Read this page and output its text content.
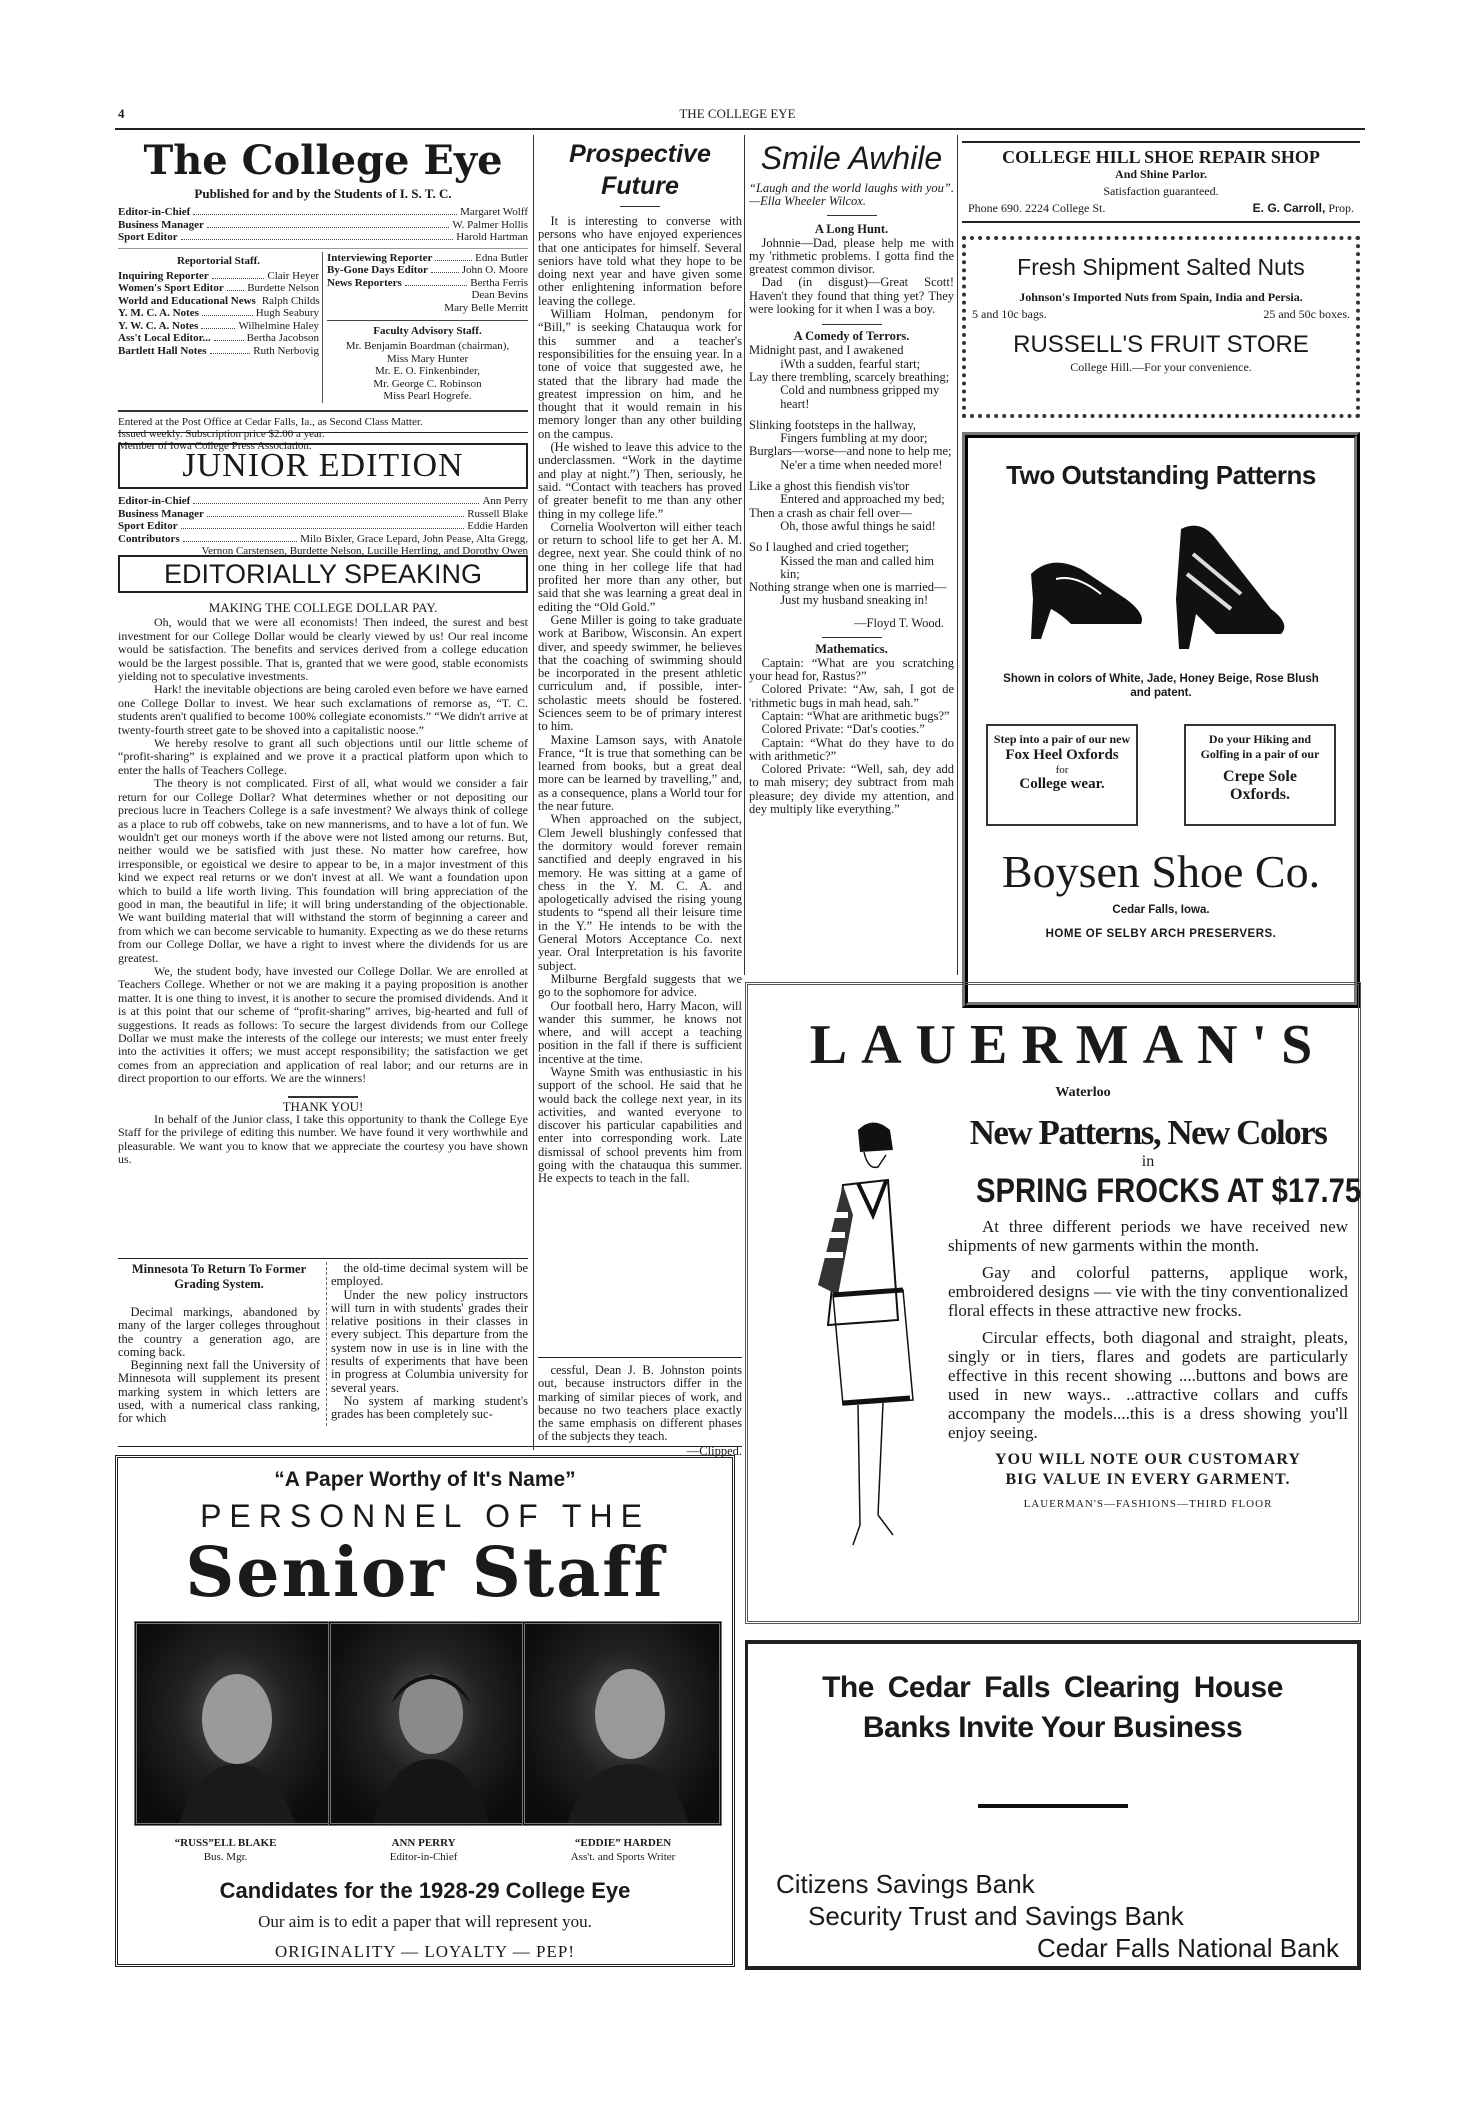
4	THE COLLEGE EYE
The College Eye
Published for and by the Students of I. S. T. C.
Editor-in-Chief	Margaret Wolff
Business Manager	W. Palmer Hollis
Sport Editor	Harold Hartman
Reportorial Staff.
Inquiring Reporter	Clair Heyer
Women's Sport Editor Burdette Nelson
World and Educational News Ralph Childs
Y. M. C. A. Notes	Hugh Seabury
Y. W. C. A. Notes	Wilhelmine Haley
Ass't Local Editor...	Bertha Jacobson
Bartlett Hall Notes	Ruth Nerbovig
Interviewing Reporter	Edna Butler
By-Gone Days Editor	John O. Moore
News Reporters	Bertha Ferris
Dean Bevins
Mary Belle Merritt
Faculty Advisory Staff.
Mr. Benjamin Boardman (chairman),
Miss Mary Hunter
Mr. E. O. Finkenbinder,
Mr. George C. Robinson
Miss Pearl Hogrefe.
Entered at the Post Office at Cedar Falls, Ia., as Second Class Matter.
Issued weekly. Subscription price $2.00 a year.
Member of Iowa College Press Association.
JUNIOR EDITION
Editor-in-Chief	Ann Perry
Business Manager	Russell Blake
Sport Editor	Eddie Harden
Contributors	Milo Bixler, Grace Lepard, John Pease, Alta Gregg,
Vernon Carstensen, Burdette Nelson, Lucille Herrling, and Dorothy Owen
EDITORIALLY SPEAKING
MAKING THE COLLEGE DOLLAR PAY.

Oh, would that we were all economists! Then indeed, the surest and best investment for our College Dollar would be clearly viewed by us! Our real income would be satisfaction. The benefits and services derived from a college education would be the largest possible. That is, granted that we were good, stable economists yielding not to speculative investments.

Hark! the inevitable objections are being caroled even before we have earned one College Dollar to invest. We hear such exclamations of remorse as, “T. C. students aren't qualified to become 100% collegiate economists.” “We didn't arrive at twenty-fourth street gate to be shoved into a capitalistic noose.”

We hereby resolve to grant all such objections until our little scheme of “profit-sharing” is explained and we prove it a practical platform upon which to enter the halls of Teachers College.

The theory is not complicated. First of all, what would we consider a fair return for our College Dollar? What determines whether or not depositing our precious lucre in Teachers College is a safe investment? We always think of college as a place to rub off cobwebs, take on new mannerisms, and to have a lot of fun. We wouldn't get our moneys worth if the above were not listed among our returns. But, neither would we be satisfied with just these. No matter how carefree, how irresponsible, or egoistical we desire to appear to be, in a major investment of this kind we expect real returns or we don't invest at all. We want a foundation upon which to build a life worth living. This foundation will bring appreciation of the good in man, the beautiful in life; it will bring understanding of the objectionable. We want building material that will withstand the storm of beginning a career and from which we can become servicable to humanity. Expecting as we do these returns from our College Dollar, we have a right to invest where the dividends for us are greatest.

We, the student body, have invested our College Dollar. We are enrolled at Teachers College. Whether or not we are making it a paying proposition is another matter. It is one thing to invest, it is another to secure the promised dividends. And it is at this point that our scheme of “profit-sharing” arrives, big-hearted and full of suggestions. It reads as follows: To secure the largest dividends from our College Dollar we must make the interests of the college our interests; we must enter freely into the activities it offers; we must accept responsibility; the satisfaction we get comes from an appreciation and application of real labor; and our returns are in direct proportion to our efforts. We are the winners!

THANK YOU!

In behalf of the Junior class, I take this opportunity to thank the College Eye Staff for the privilege of editing this number. We have found it very worthwhile and pleasurable. We want you to know that we appreciate the courtesy you have shown us.

Minnesota To Return To Former Grading System.

Decimal markings, abandoned by many of the larger colleges throughout the country a generation ago, are coming back.

Beginning next fall the University of Minnesota will supplement its present marking system in which letters are used, with a numerical class ranking, for which

the old-time decimal system will be employed.

Under the new policy instructors will turn in with students' grades their relative positions in their classes in every subject. This departure from the system now in use is in line with the results of experiments that have been in progress at Columbia university for several years.

No system af marking student's grades has been completely suc-

Prospective Future

It is interesting to converse with persons who have enjoyed experiences that one anticipates for himself. Several seniors have told what they hope to be doing next year and have given some other enlightening information before leaving the college.

William Holman, pendonym for “Bill,” is seeking Chatauqua work for this summer and a teacher's responsibilities for the ensuing year. In a tone of voice that suggested awe, he stated that the library had made the greatest impression on him, and he thought that it would remain in his memory longer than any other building on the campus.

(He wished to leave this advice to the underclassmen. “Work in the daytime and play at night.”) Then, seriously, he said. “Contact with teachers has proved of greater benefit to me than any other thing in my college life.”

Cornelia Woolverton will either teach or return to school life to get her A. M. degree, next year. She could think of no one thing in her college life that had profited her more than any other, but said that she was learning a great deal in editing the “Old Gold.”

Gene Miller is going to take graduate work at Baribow, Wisconsin. An expert diver, and speedy swimmer, he believes that the coaching of swimming should be incorporated in the present athletic curriculum and, if possible, inter-scholastic meets should be fostered. Sciences seem to be of primary interest to him.

Maxine Lamson says, with Anatole France, “It is true that something can be learned from books, but a great deal more can be learned by travelling,” and, as a consequence, plans a World tour for the near future.

When approached on the subject, Clem Jewell blushingly confessed that the dormitory would forever remain sanctified and deeply engraved in his memory. He was sitting at a game of chess in the Y. M. C. A. and apologetically advised the rising young students to “spend all their leisure time in the Y.” He intends to be with the General Motors Acceptance Co. next year. Oral Interpretation is his favorite subject.

Milburne Bergfald suggests that we go to the sophomore for advice.

Our football hero, Harry Macon, will wander this summer, he knows not where, and will accept a teaching position in the fall if there is sufficient incentive at the time.

Wayne Smith was enthusiastic in his support of the school. He said that he would back the college next year, in its activities, and wanted everyone to discover his particular capabilities and enter into corresponding work. Late dismissal of school prevents him from going with the chatauqua this summer. He expects to teach in the fall.

cessful, Dean J. B. Johnston points out, because instructors differ in the marking of similar pieces of work, and because no two teachers place exactly the same emphasis on different phases of the subjects they teach.

—Clipped.
Smile Awhile
“Laugh and the world laughs with you”.—Ella Wheeler Wilcox.
A Long Hunt.

Johnnie—Dad, please help me with my 'rithmetic problems. I gotta find the greatest common divisor.

Dad (in disgust)—Great Scott! Haven't they found that thing yet? They were looking for it when I was a boy.

A Comedy of Terrors.
Midnight past, and I awakened
iWth a sudden, fearful start;
Lay there trembling, scarcely breathing;
Cold and numbness gripped my heart!
Slinking footsteps in the hallway,
Fingers fumbling at my door;
Burglars—worse—and none to help me;
Ne'er a time when needed more!
Like a ghost this fiendish vis'tor
Entered and approached my bed;
Then a crash as chair fell over—
Oh, those awful things he said!
So I laughed and cried together;
Kissed the man and called him kin;
Nothing strange when one is married—
Just my husband sneaking in!
—Floyd T. Wood.
Mathematics.

Captain: “What are you scratching your head for, Rastus?”

Colored Private: “Aw, sah, I got de 'rithmetic bugs in mah head, sah.”

Captain: “What are arithmetic bugs?”

Colored Private: “Dat's cooties.”

Captain: “What do they have to do with arithmetic?”

Colored Private: “Well, sah, dey add to mah misery; dey subtract from mah pleasure; dey divide my attention, and dey multiply like everything.”

COLLEGE HILL SHOE REPAIR SHOP
And Shine Parlor.
Satisfaction guaranteed.
Phone 690. 2224 College St.	E. G. Carroll, Prop.
Fresh Shipment Salted Nuts
Johnson's Imported Nuts from Spain, India and Persia.
5 and 10c bags.	25 and 50c boxes.
RUSSELL'S FRUIT STORE
College Hill.—For your convenience.
Two Outstanding Patterns
Shown in colors of White, Jade, Honey Beige, Rose Blush and patent.
Step into a pair of our new
Fox Heel Oxfords
for
College wear.
Do your Hiking and Golfing in a pair of our
Crepe Sole Oxfords.
Boysen Shoe Co.
Cedar Falls, Iowa.
HOME OF SELBY ARCH PRESERVERS.
LAUERMAN'S
Waterloo
New Patterns, New Colors
in
SPRING FROCKS AT $17.75

At three different periods we have received new shipments of new garments within the month.

Gay and colorful patterns, applique work, embroidered designs — vie with the tiny conventionalized floral effects in these attractive new frocks.

Circular effects, both diagonal and straight, pleats, singly or in tiers, flares and godets are particularly effective in this recent showing ....buttons and bows are used in new ways.. ..attractive collars and cuffs accompany the models....this is a dress showing you'll enjoy seeing.

YOU WILL NOTE OUR CUSTOMARY
BIG VALUE IN EVERY GARMENT.
LAUERMAN'S—FASHIONS—THIRD FLOOR
“A Paper Worthy of It's Name”
PERSONNEL OF THE
Senior Staff
“RUSS”ELL BLAKE
Bus. Mgr.
ANN PERRY
Editor-in-Chief
“EDDIE” HARDEN
Ass't. and Sports Writer
Candidates for the 1928-29 College Eye
Our aim is to edit a paper that will represent you.
ORIGINALITY — LOYALTY — PEP!
The Cedar Falls Clearing House
Banks Invite Your Business
Citizens Savings Bank
Security Trust and Savings Bank
Cedar Falls National Bank
